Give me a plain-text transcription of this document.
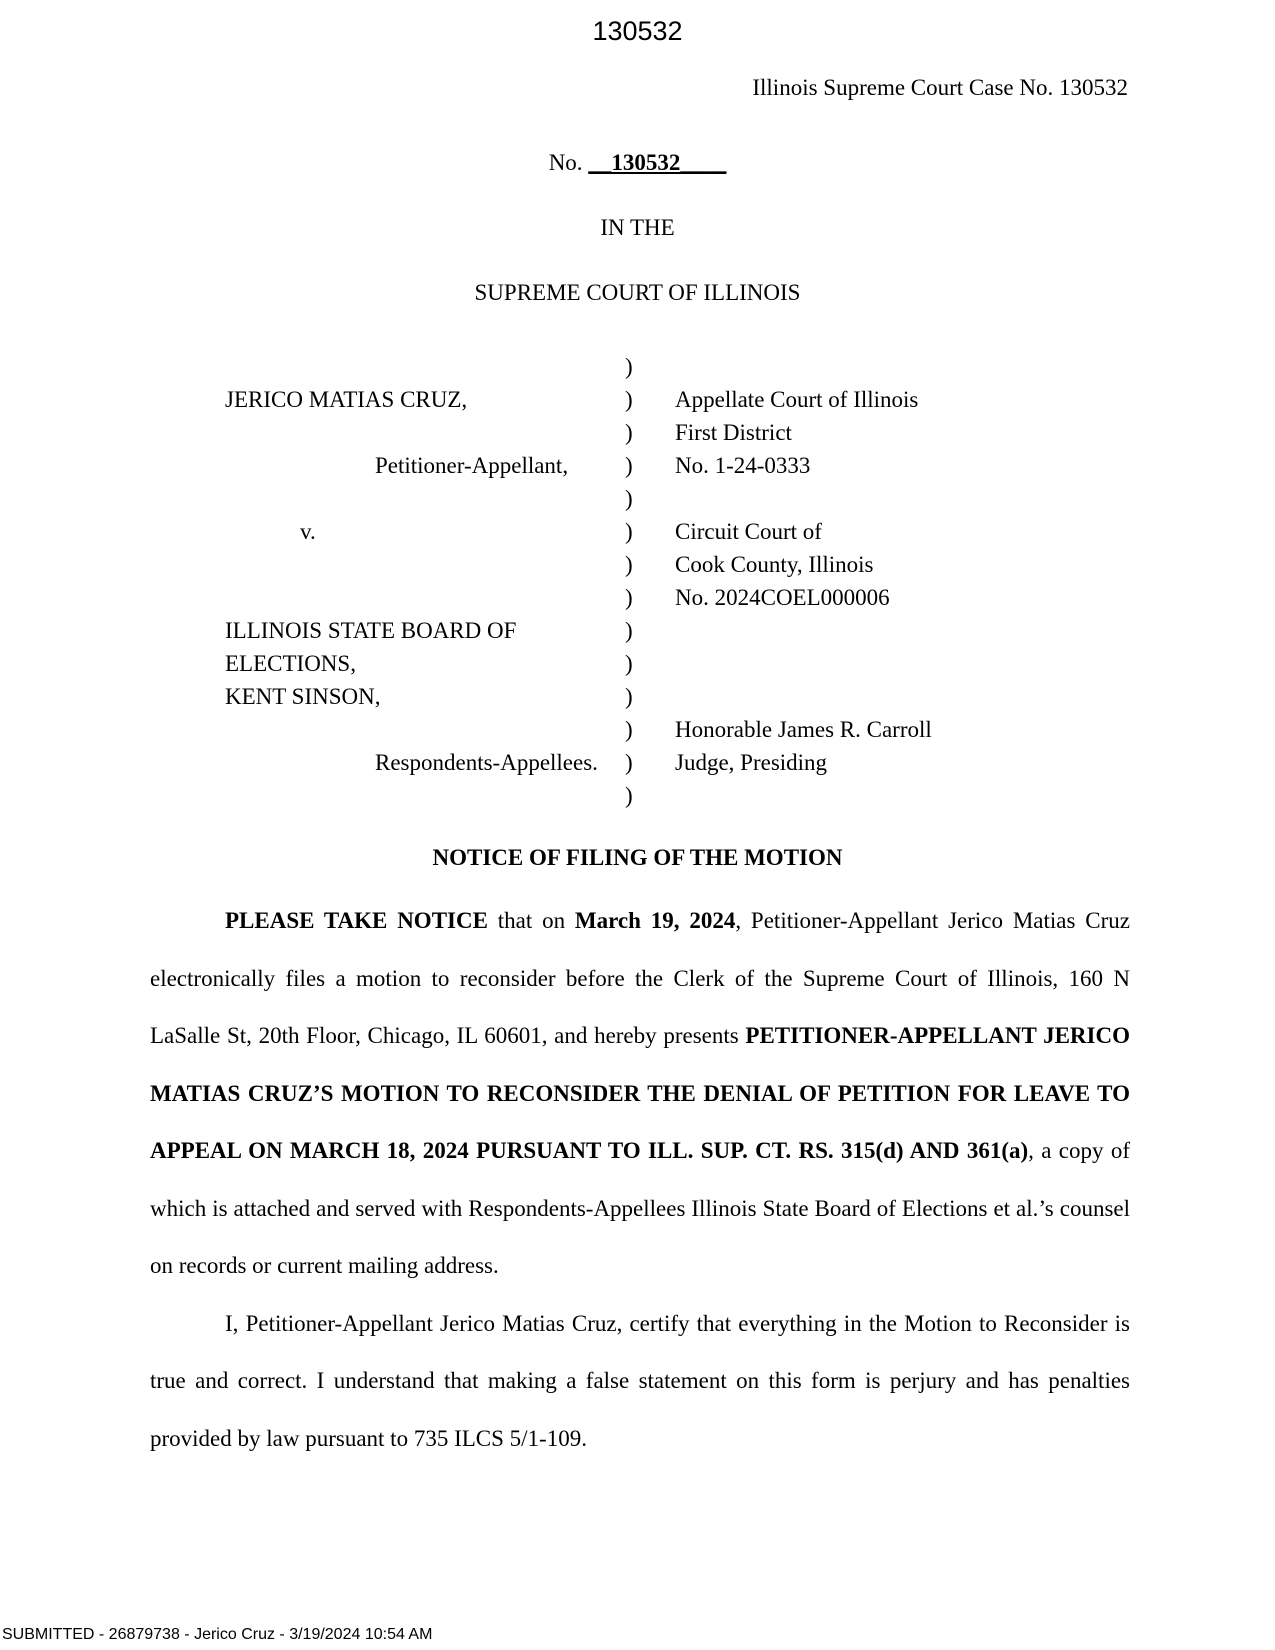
130532
Illinois Supreme Court Case No. 130532
No. __130532____
IN THE
SUPREME COURT OF ILLINOIS
)
)
)
)
)
)
)
)
)
)
)
)
)
)
JERICO MATIAS CRUZ,
Petitioner-Appellant,
v.
ILLINOIS STATE BOARD OF
ELECTIONS,
KENT SINSON,
Respondents-Appellees.
Appellate Court of Illinois
First District
No. 1-24-0333
Circuit Court of
Cook County, Illinois
No. 2024COEL000006
Honorable James R. Carroll
Judge, Presiding
NOTICE OF FILING OF THE MOTION

PLEASE TAKE NOTICE that on March 19, 2024, Petitioner-Appellant Jerico Matias Cruz electronically files a motion to reconsider before the Clerk of the Supreme Court of Illinois, 160 N LaSalle St, 20th Floor, Chicago, IL 60601, and hereby presents PETITIONER-APPELLANT JERICO MATIAS CRUZ’S MOTION TO RECONSIDER THE DENIAL OF PETITION FOR LEAVE TO APPEAL ON MARCH 18, 2024 PURSUANT TO ILL. SUP. CT. RS. 315(d) AND 361(a), a copy of which is attached and served with Respondents-Appellees Illinois State Board of Elections et al.’s counsel on records or current mailing address.

I, Petitioner-Appellant Jerico Matias Cruz, certify that everything in the Motion to Reconsider is true and correct. I understand that making a false statement on this form is perjury and has penalties provided by law pursuant to 735 ILCS 5/1-109.

SUBMITTED - 26879738 - Jerico Cruz - 3/19/2024 10:54 AM
